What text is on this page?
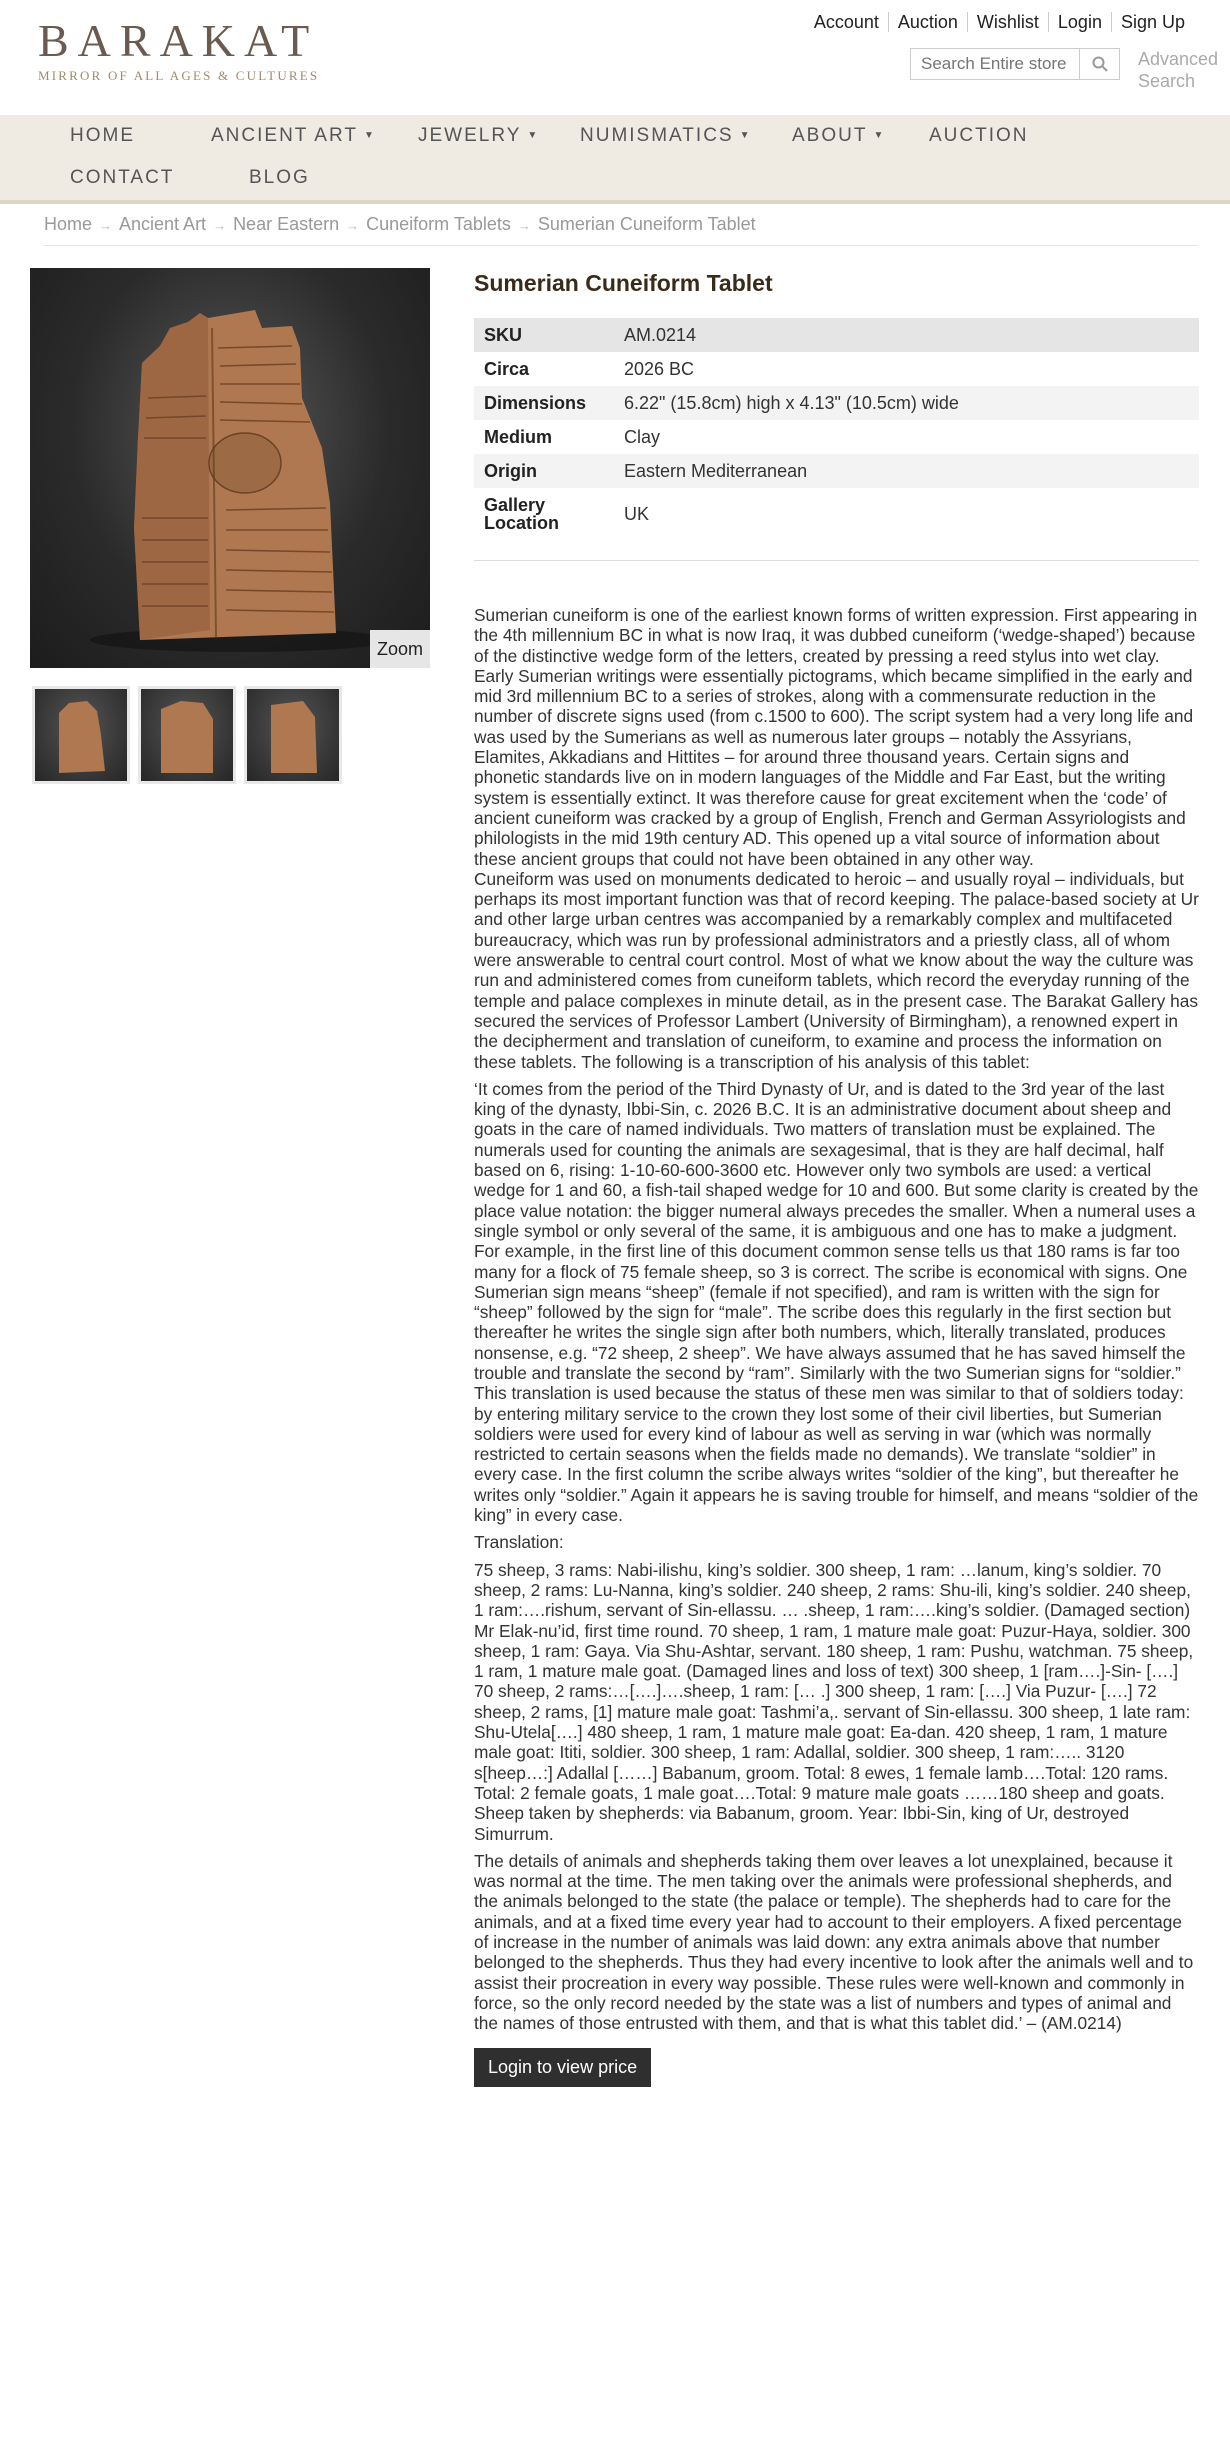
BARAKAT
MIRROR OF ALL AGES & CULTURES
Account	Auction	Wishlist	Login	Sign Up
Search Entire store
Advanced
Search
HOME	ANCIENT ART ▼ JEWELRY ▼ NUMISMATICS ▼ ABOUT ▼ AUCTION
CONTACT	BLOG
Home → Ancient Art → Near Eastern → Cuneiform Tablets → Sumerian Cuneiform Tablet
Zoom
Sumerian Cuneiform Tablet
SKU	AM.0214
Circa	2026 BC
Dimensions	6.22" (15.8cm) high x 4.13" (10.5cm) wide
Medium	Clay
Origin	Eastern Mediterranean
Gallery Location	UK

Sumerian cuneiform is one of the earliest known forms of written expression. First appearing in the 4th millennium BC in what is now Iraq, it was dubbed cuneiform (‘wedge-shaped’) because of the distinctive wedge form of the letters, created by pressing a reed stylus into wet clay. Early Sumerian writings were essentially pictograms, which became simplified in the early and mid 3rd millennium BC to a series of strokes, along with a commensurate reduction in the number of discrete signs used (from c.1500 to 600). The script system had a very long life and was used by the Sumerians as well as numerous later groups – notably the Assyrians, Elamites, Akkadians and Hittites – for around three thousand years. Certain signs and phonetic standards live on in modern languages of the Middle and Far East, but the writing system is essentially extinct. It was therefore cause for great excitement when the ‘code’ of ancient cuneiform was cracked by a group of English, French and German Assyriologists and philologists in the mid 19th century AD. This opened up a vital source of information about these ancient groups that could not have been obtained in any other way.

Cuneiform was used on monuments dedicated to heroic – and usually royal – individuals, but perhaps its most important function was that of record keeping. The palace-based society at Ur and other large urban centres was accompanied by a remarkably complex and multifaceted bureaucracy, which was run by professional administrators and a priestly class, all of whom were answerable to central court control. Most of what we know about the way the culture was run and administered comes from cuneiform tablets, which record the everyday running of the temple and palace complexes in minute detail, as in the present case. The Barakat Gallery has secured the services of Professor Lambert (University of Birmingham), a renowned expert in the decipherment and translation of cuneiform, to examine and process the information on these tablets. The following is a transcription of his analysis of this tablet:

‘It comes from the period of the Third Dynasty of Ur, and is dated to the 3rd year of the last king of the dynasty, Ibbi-Sin, c. 2026 B.C. It is an administrative document about sheep and goats in the care of named individuals. Two matters of translation must be explained. The numerals used for counting the animals are sexagesimal, that is they are half decimal, half based on 6, rising: 1-10-60-600-3600 etc. However only two symbols are used: a vertical wedge for 1 and 60, a fish-tail shaped wedge for 10 and 600. But some clarity is created by the place value notation: the bigger numeral always precedes the smaller. When a numeral uses a single symbol or only several of the same, it is ambiguous and one has to make a judgment. For example, in the first line of this document common sense tells us that 180 rams is far too many for a flock of 75 female sheep, so 3 is correct. The scribe is economical with signs. One Sumerian sign means “sheep” (female if not specified), and ram is written with the sign for “sheep” followed by the sign for “male”. The scribe does this regularly in the first section but thereafter he writes the single sign after both numbers, which, literally translated, produces nonsense, e.g. “72 sheep, 2 sheep”. We have always assumed that he has saved himself the trouble and translate the second by “ram”. Similarly with the two Sumerian signs for “soldier.” This translation is used because the status of these men was similar to that of soldiers today: by entering military service to the crown they lost some of their civil liberties, but Sumerian soldiers were used for every kind of labour as well as serving in war (which was normally restricted to certain seasons when the fields made no demands). We translate “soldier” in every case. In the first column the scribe always writes “soldier of the king”, but thereafter he writes only “soldier.” Again it appears he is saving trouble for himself, and means “soldier of the king” in every case.

Translation:

75 sheep, 3 rams: Nabi-ilishu, king’s soldier. 300 sheep, 1 ram: …lanum, king’s soldier. 70 sheep, 2 rams: Lu-Nanna, king’s soldier. 240 sheep, 2 rams: Shu-ili, king’s soldier. 240 sheep, 1 ram:….rishum, servant of Sin-ellassu. … .sheep, 1 ram:….king’s soldier. (Damaged section) Mr Elak-nu’id, first time round. 70 sheep, 1 ram, 1 mature male goat: Puzur-Haya, soldier. 300 sheep, 1 ram: Gaya. Via Shu-Ashtar, servant. 180 sheep, 1 ram: Pushu, watchman. 75 sheep, 1 ram, 1 mature male goat. (Damaged lines and loss of text) 300 sheep, 1 [ram….]-Sin- [….] 70 sheep, 2 rams:…[….]….sheep, 1 ram: [… .] 300 sheep, 1 ram: [….] Via Puzur- [….] 72 sheep, 2 rams, [1] mature male goat: Tashmi’a,. servant of Sin-ellassu. 300 sheep, 1 late ram: Shu-Utela[….] 480 sheep, 1 ram, 1 mature male goat: Ea-dan. 420 sheep, 1 ram, 1 mature male goat: Ititi, soldier. 300 sheep, 1 ram: Adallal, soldier. 300 sheep, 1 ram:….. 3120 s[heep…:] Adallal [……] Babanum, groom. Total: 8 ewes, 1 female lamb….Total: 120 rams. Total: 2 female goats, 1 male goat….Total: 9 mature male goats ……180 sheep and goats. Sheep taken by shepherds: via Babanum, groom. Year: Ibbi-Sin, king of Ur, destroyed Simurrum.

The details of animals and shepherds taking them over leaves a lot unexplained, because it was normal at the time. The men taking over the animals were professional shepherds, and the animals belonged to the state (the palace or temple). The shepherds had to care for the animals, and at a fixed time every year had to account to their employers. A fixed percentage of increase in the number of animals was laid down: any extra animals above that number belonged to the shepherds. Thus they had every incentive to look after the animals well and to assist their procreation in every way possible. These rules were well-known and commonly in force, so the only record needed by the state was a list of numbers and types of animal and the names of those entrusted with them, and that is what this tablet did.’ – (AM.0214)

Login to view price
